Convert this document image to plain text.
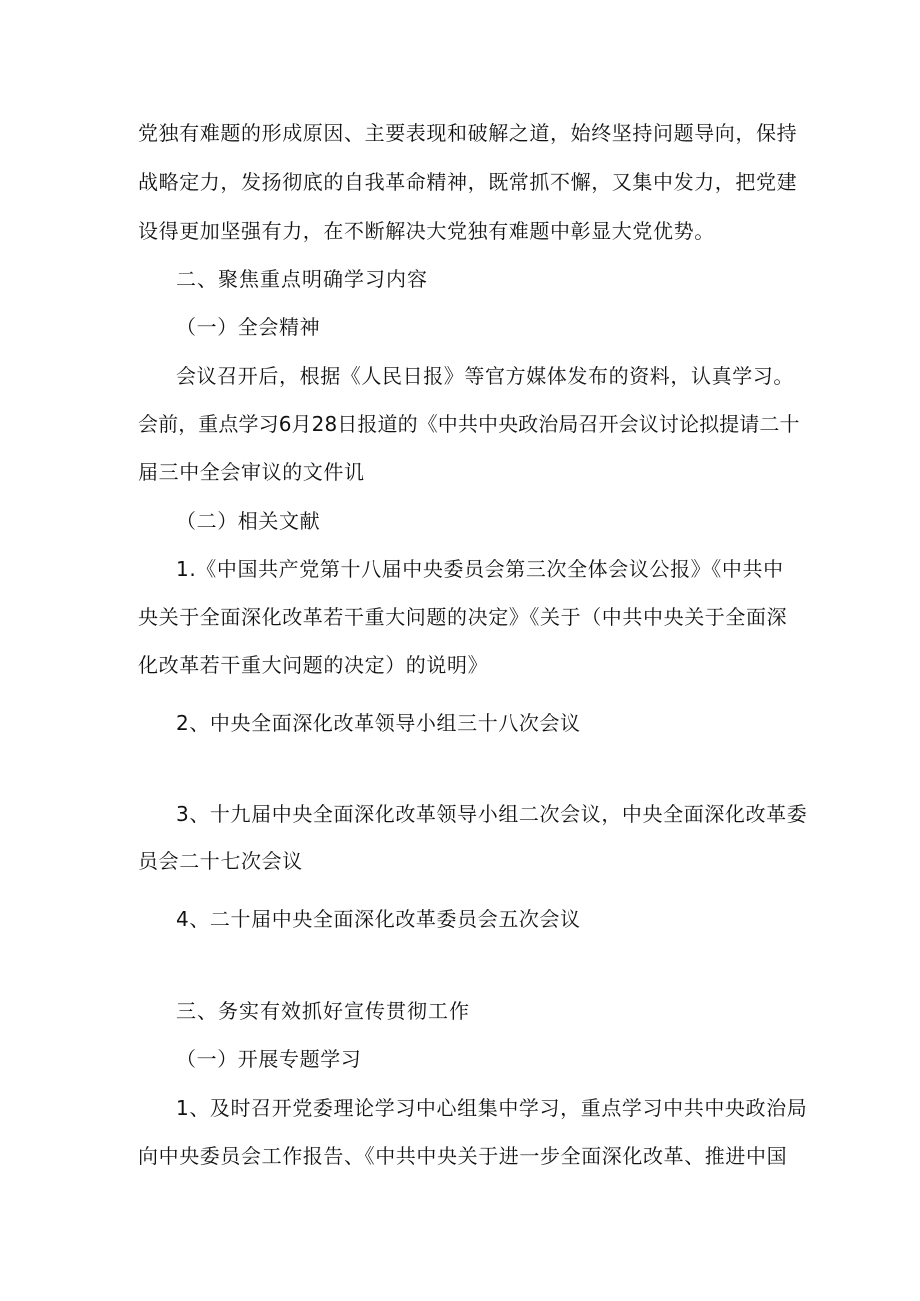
党独有难题的形成原因、主要表现和破解之道，始终坚持问题导向，保持
战略定力，发扬彻底的自我革命精神，既常抓不懈，又集中发力，把党建
设得更加坚强有力，在不断解决大党独有难题中彰显大党优势。
二、聚焦重点明确学习内容
（一）全会精神
会议召开后，根据《人民日报》等官方媒体发布的资料，认真学习。
会前，重点学习6月28日报道的《中共中央政治局召开会议讨论拟提请二十
届三中全会审议的文件讥
（二）相关文献
1.《中国共产党第十八届中央委员会第三次全体会议公报》《中共中
央关于全面深化改革若干重大问题的决定》《关于（中共中央关于全面深
化改革若干重大问题的决定）的说明》
2、中央全面深化改革领导小组三十八次会议
3、十九届中央全面深化改革领导小组二次会议，中央全面深化改革委
员会二十七次会议
4、二十届中央全面深化改革委员会五次会议
三、务实有效抓好宣传贯彻工作
（一）开展专题学习
1、及时召开党委理论学习中心组集中学习，重点学习中共中央政治局
向中央委员会工作报告、《中共中央关于进一步全面深化改革、推进中国
